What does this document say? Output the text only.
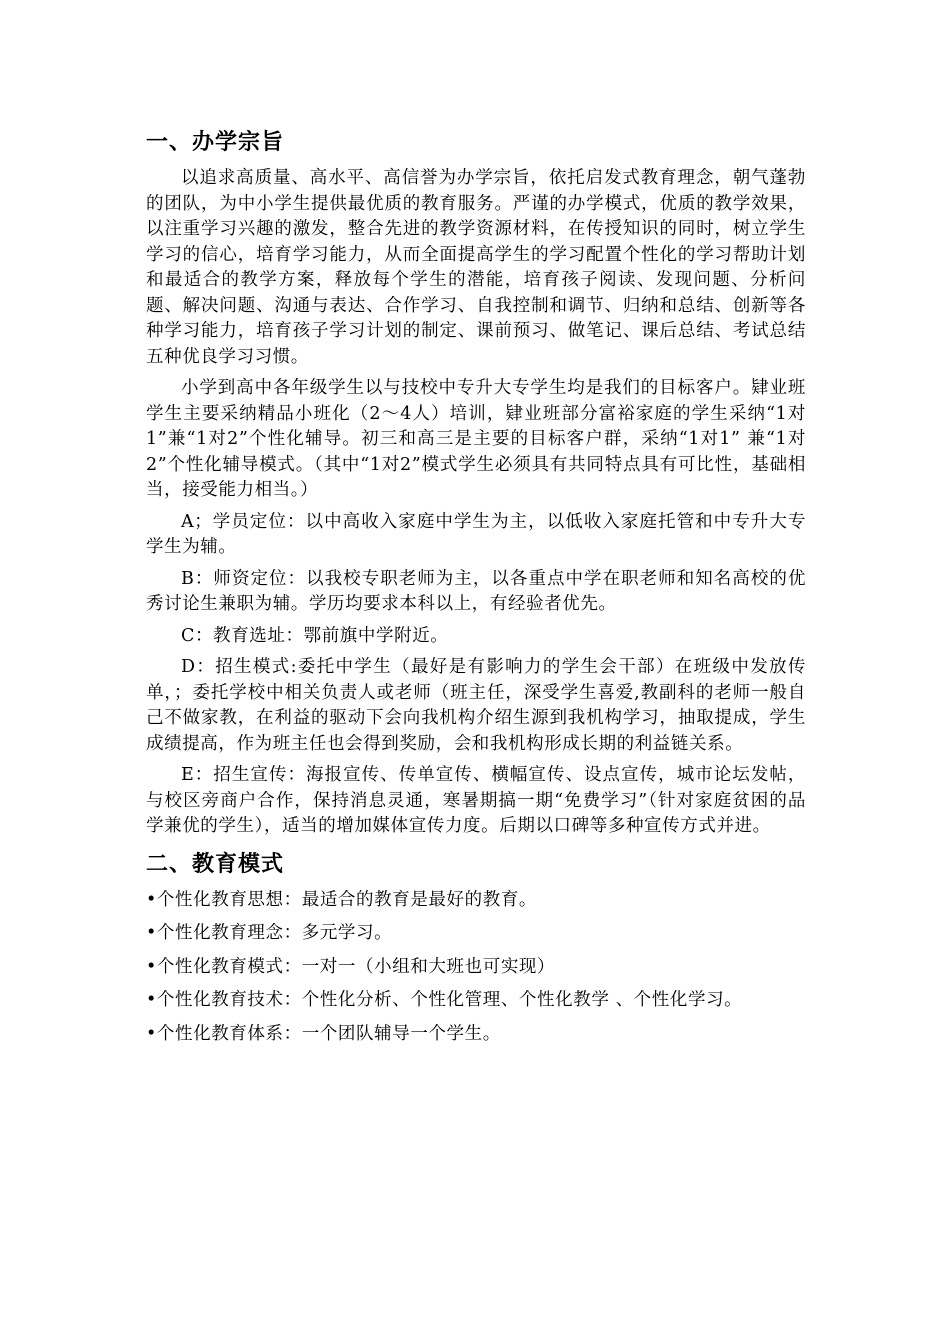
一、办学宗旨

以追求高质量、高水平、高信誉为办学宗旨，依托启发式教育理念，朝气蓬勃的团队，为中小学生提供最优质的教育服务。严谨的办学模式，优质的教学效果，以注重学习兴趣的激发，整合先进的教学资源材料，在传授知识的同时，树立学生学习的信心，培育学习能力，从而全面提高学生的学习配置个性化的学习帮助计划和最适合的教学方案，释放每个学生的潜能，培育孩子阅读、发现问题、分析问题、解决问题、沟通与表达、合作学习、自我控制和调节、归纳和总结、创新等各种学习能力，培育孩子学习计划的制定、课前预习、做笔记、课后总结、考试总结五种优良学习习惯。

小学到高中各年级学生以与技校中专升大专学生均是我们的目标客户。肄业班学生主要采纳精品小班化（2～4人）培训，肄业班部分富裕家庭的学生采纳“1对1”兼“1对2”个性化辅导。初三和高三是主要的目标客户群，采纳“1对1” 兼“1对2”个性化辅导模式。（其中“1对2”模式学生必须具有共同特点具有可比性，基础相当，接受能力相当。）

A；学员定位：以中高收入家庭中学生为主，以低收入家庭托管和中专升大专学生为辅。

B：师资定位：以我校专职老师为主，以各重点中学在职老师和知名高校的优秀讨论生兼职为辅。学历均要求本科以上，有经验者优先。

C：教育选址：鄂前旗中学附近。

D：招生模式:委托中学生（最好是有影响力的学生会干部）在班级中发放传单，；委托学校中相关负责人或老师（班主任，深受学生喜爱,教副科的老师一般自己不做家教，在利益的驱动下会向我机构介绍生源到我机构学习，抽取提成，学生成绩提高，作为班主任也会得到奖励，会和我机构形成长期的利益链关系。

E：招生宣传：海报宣传、传单宣传、横幅宣传、设点宣传，城市论坛发帖，与校区旁商户合作，保持消息灵通，寒暑期搞一期“免费学习”（针对家庭贫困的品学兼优的学生），适当的增加媒体宣传力度。后期以口碑等多种宣传方式并进。

二、教育模式

•个性化教育思想：最适合的教育是最好的教育。

•个性化教育理念：多元学习。

•个性化教育模式：一对一（小组和大班也可实现）

•个性化教育技术：个性化分析、个性化管理、个性化教学 、个性化学习。

•个性化教育体系：一个团队辅导一个学生。
